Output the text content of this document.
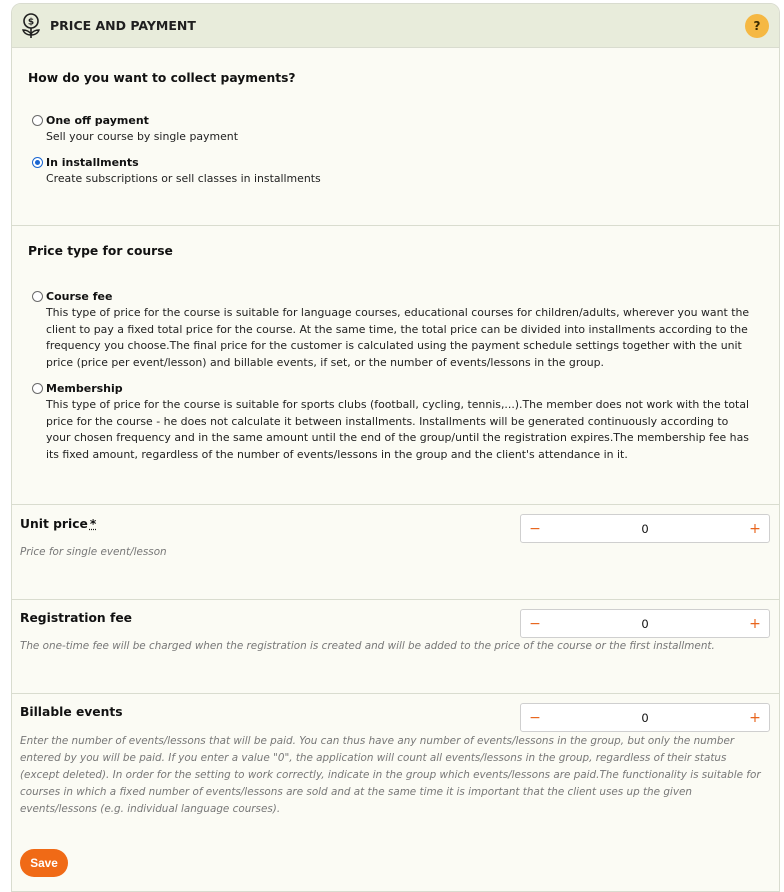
$ PRICE AND PAYMENT	?
How do you want to collect payments?
One off payment
Sell your course by single payment
In installments
Create subscriptions or sell classes in installments
Price type for course
Course fee
This type of price for the course is suitable for language courses, educational courses for children/adults, wherever you want the client to pay a fixed total price for the course. At the same time, the total price can be divided into installments according to the frequency you choose.The final price for the customer is calculated using the payment schedule settings together with the unit price (price per event/lesson) and billable events, if set, or the number of events/lessons in the group.
Membership
This type of price for the course is suitable for sports clubs (football, cycling, tennis,...).The member does not work with the total price for the course - he does not calculate it between installments. Installments will be generated continuously according to your chosen frequency and in the same amount until the end of the group/until the registration expires.The membership fee has its fixed amount, regardless of the number of events/lessons in the group and the client's attendance in it.
Unit price *
Price for single event/lesson
−	0	+
Registration fee
The one-time fee will be charged when the registration is created and will be added to the price of the course or the first installment.
−	0	+
Billable events
Enter the number of events/lessons that will be paid. You can thus have any number of events/lessons in the group, but only the number entered by you will be paid. If you enter a value "0", the application will count all events/lessons in the group, regardless of their status (except deleted). In order for the setting to work correctly, indicate in the group which events/lessons are paid.The functionality is suitable for courses in which a fixed number of events/lessons are sold and at the same time it is important that the client uses up the given events/lessons (e.g. individual language courses).
−	0	+
Save
